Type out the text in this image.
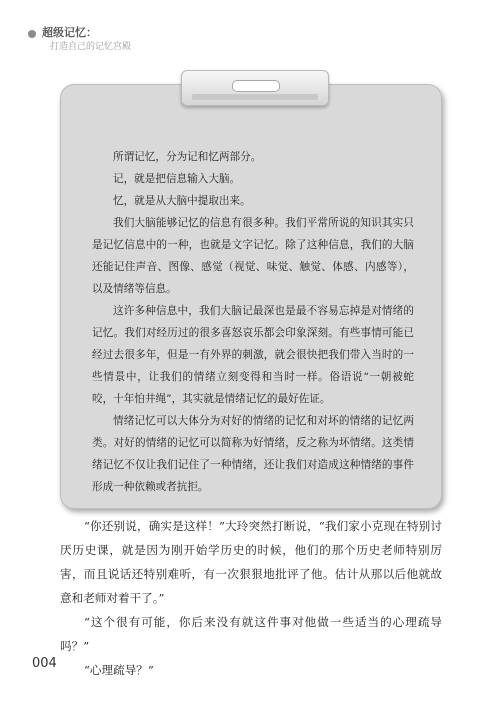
超级记忆：
打造自己的记忆宫殿

所谓记忆，分为记和忆两部分。

记，就是把信息输入大脑。

忆，就是从大脑中提取出来。

我们大脑能够记忆的信息有很多种。我们平常所说的知识其实只是记忆信息中的一种，也就是文字记忆。除了这种信息，我们的大脑还能记住声音、图像、感觉（视觉、味觉、触觉、体感、内感等），以及情绪等信息。

这许多种信息中，我们大脑记最深也是最不容易忘掉是对情绪的记忆。我们对经历过的很多喜怒哀乐都会印象深刻。有些事情可能已经过去很多年，但是一有外界的刺激，就会很快把我们带入当时的一些情景中，让我们的情绪立刻变得和当时一样。俗语说“一朝被蛇咬，十年怕井绳”，其实就是情绪记忆的最好佐证。

情绪记忆可以大体分为对好的情绪的记忆和对坏的情绪的记忆两类。对好的情绪的记忆可以简称为好情绪，反之称为坏情绪。这类情绪记忆不仅让我们记住了一种情绪，还让我们对造成这种情绪的事件形成一种依赖或者抗拒。

“你还别说，确实是这样！”大玲突然打断说，“我们家小克现在特别讨厌历史课，就是因为刚开始学历史的时候，他们的那个历史老师特别厉害，而且说话还特别难听，有一次狠狠地批评了他。估计从那以后他就故意和老师对着干了。”

“这个很有可能，你后来没有就这件事对他做一些适当的心理疏导吗？”

“心理疏导？”

004
